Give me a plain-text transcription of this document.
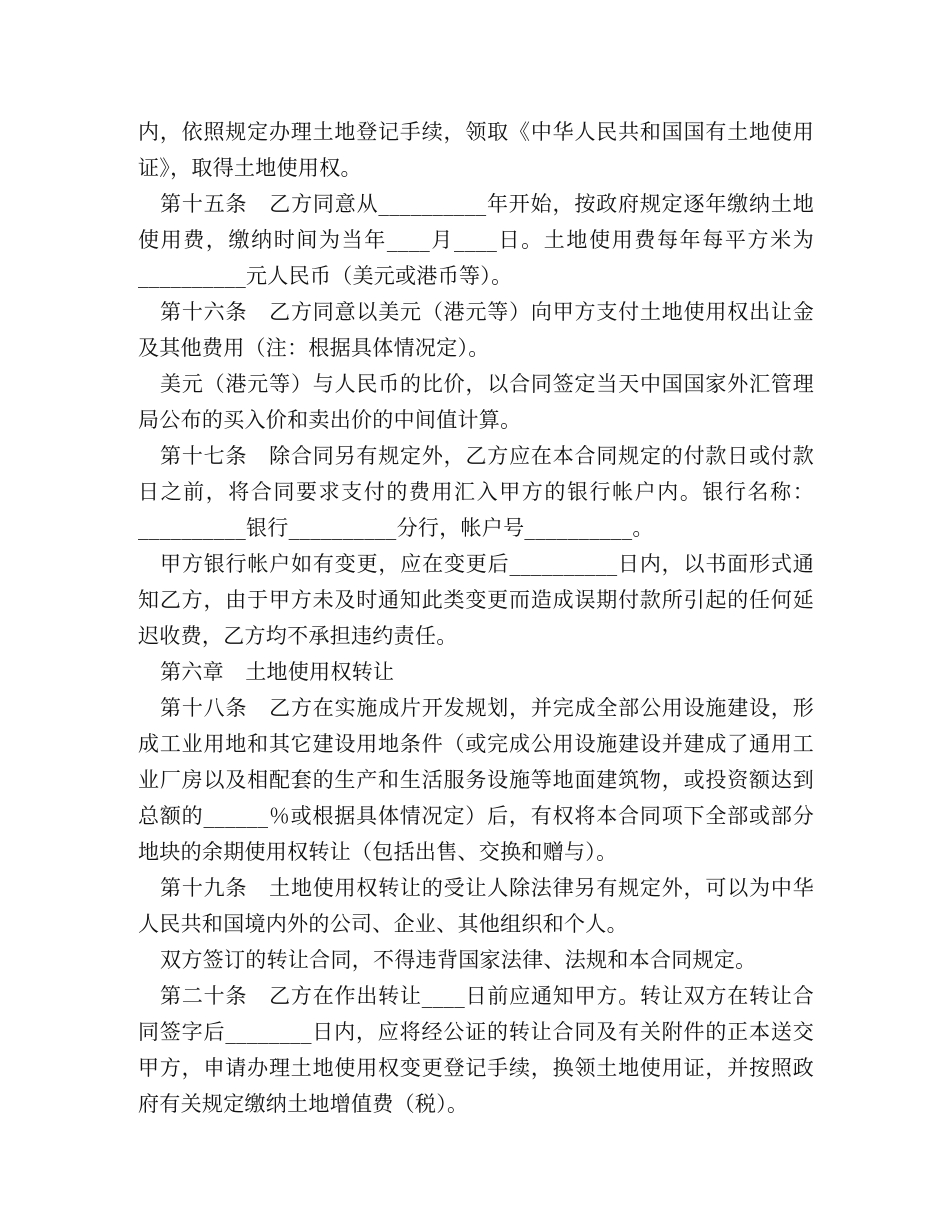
内，依照规定办理土地登记手续，领取《中华人民共和国国有土地使用证》，取得土地使用权。

第十五条　乙方同意从__________年开始，按政府规定逐年缴纳土地使用费，缴纳时间为当年____月____日。土地使用费每年每平方米为__________元人民币（美元或港币等）。

第十六条　乙方同意以美元（港元等）向甲方支付土地使用权出让金及其他费用（注：根据具体情况定）。

美元（港元等）与人民币的比价，以合同签定当天中国国家外汇管理局公布的买入价和卖出价的中间值计算。

第十七条　除合同另有规定外，乙方应在本合同规定的付款日或付款日之前，将合同要求支付的费用汇入甲方的银行帐户内。银行名称：__________银行__________分行，帐户号__________。

甲方银行帐户如有变更，应在变更后__________日内，以书面形式通知乙方，由于甲方未及时通知此类变更而造成误期付款所引起的任何延迟收费，乙方均不承担违约责任。

第六章　土地使用权转让

第十八条　乙方在实施成片开发规划，并完成全部公用设施建设，形成工业用地和其它建设用地条件（或完成公用设施建设并建成了通用工业厂房以及相配套的生产和生活服务设施等地面建筑物，或投资额达到总额的______％或根据具体情况定）后，有权将本合同项下全部或部分地块的余期使用权转让（包括出售、交换和赠与）。

第十九条　土地使用权转让的受让人除法律另有规定外，可以为中华人民共和国境内外的公司、企业、其他组织和个人。

双方签订的转让合同，不得违背国家法律、法规和本合同规定。

第二十条　乙方在作出转让____日前应通知甲方。转让双方在转让合同签字后________日内，应将经公证的转让合同及有关附件的正本送交甲方，申请办理土地使用权变更登记手续，换领土地使用证，并按照政府有关规定缴纳土地增值费（税）。
